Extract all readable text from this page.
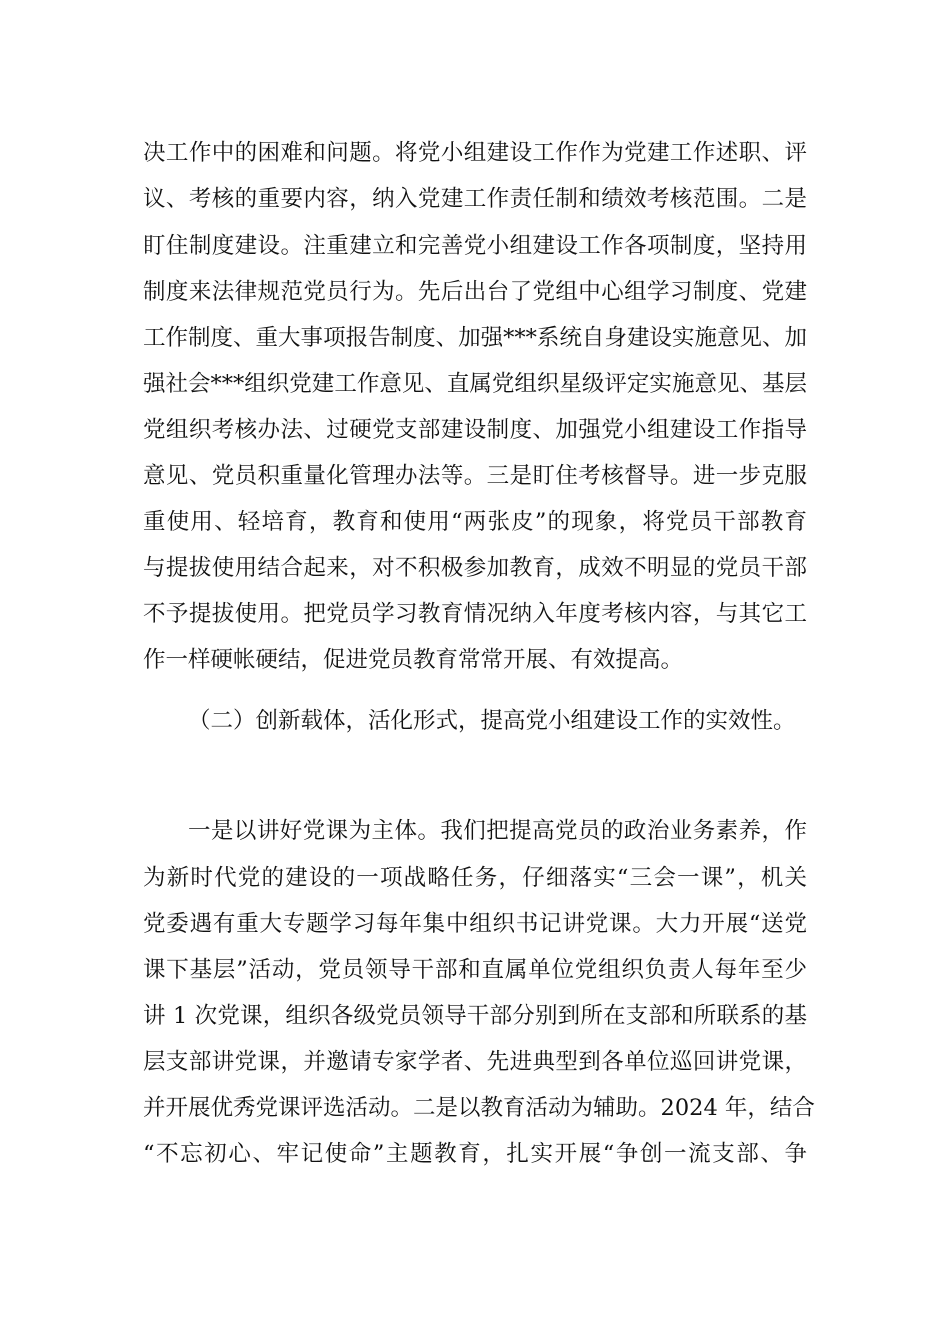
决工作中的困难和问题。将党小组建设工作作为党建工作述职、评
议、考核的重要内容，纳入党建工作责任制和绩效考核范围。二是
盯住制度建设。注重建立和完善党小组建设工作各项制度，坚持用
制度来法律规范党员行为。先后出台了党组中心组学习制度、党建
工作制度、重大事项报告制度、加强***系统自身建设实施意见、加
强社会***组织党建工作意见、直属党组织星级评定实施意见、基层
党组织考核办法、过硬党支部建设制度、加强党小组建设工作指导
意见、党员积重量化管理办法等。三是盯住考核督导。进一步克服
重使用、轻培育，教育和使用“两张皮”的现象，将党员干部教育
与提拔使用结合起来，对不积极参加教育，成效不明显的党员干部
不予提拔使用。把党员学习教育情况纳入年度考核内容，与其它工
作一样硬帐硬结，促进党员教育常常开展、有效提高。
（二）创新载体，活化形式，提高党小组建设工作的实效性。
一是以讲好党课为主体。我们把提高党员的政治业务素养，作
为新时代党的建设的一项战略任务，仔细落实“三会一课”，机关
党委遇有重大专题学习每年集中组织书记讲党课。大力开展“送党
课下基层”活动，党员领导干部和直属单位党组织负责人每年至少
讲 1 次党课，组织各级党员领导干部分别到所在支部和所联系的基
层支部讲党课，并邀请专家学者、先进典型到各单位巡回讲党课，
并开展优秀党课评选活动。二是以教育活动为辅助。2024 年，结合
“不忘初心、牢记使命”主题教育，扎实开展“争创一流支部、争
